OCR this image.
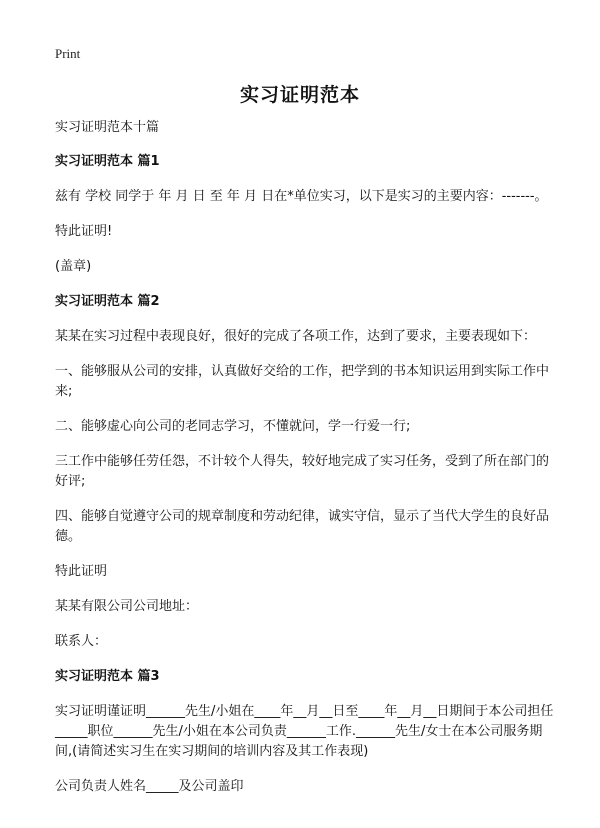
Print
实习证明范本

实习证明范本十篇

实习证明范本 篇1

兹有 学校 同学于 年 月 日 至 年 月 日在*单位实习，以下是实习的主要内容：-------。

特此证明!

(盖章)

实习证明范本 篇2

某某在实习过程中表现良好，很好的完成了各项工作，达到了要求，主要表现如下：

一、能够服从公司的安排，认真做好交给的工作，把学到的书本知识运用到实际工作中来;

二、能够虚心向公司的老同志学习，不懂就问，学一行爱一行;

三工作中能够任劳任怨，不计较个人得失，较好地完成了实习任务，受到了所在部门的好评;

四、能够自觉遵守公司的规章制度和劳动纪律，诚实守信，显示了当代大学生的良好品德。

特此证明

某某有限公司公司地址：

联系人：

实习证明范本 篇3

实习证明谨证明______先生/小姐在____年__月__日至____年__月__日期间于本公司担任_____职位______先生/小姐在本公司负责______工作.______先生/女士在本公司服务期间,(请简述实习生在实习期间的培训内容及其工作表现)

公司负责人姓名_____及公司盖印
